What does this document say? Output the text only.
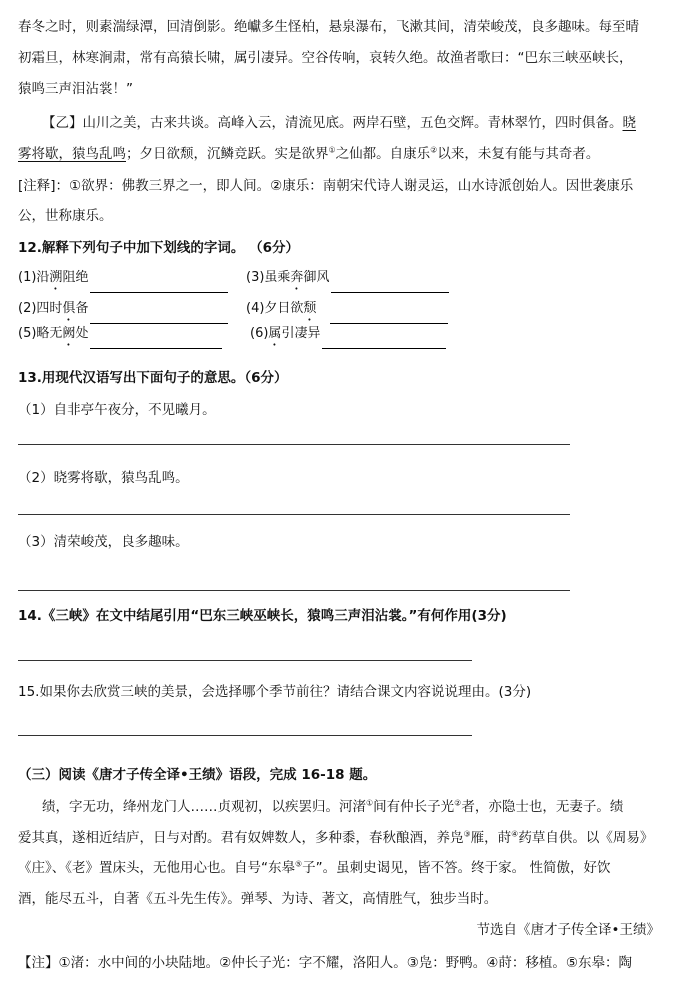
春冬之时，则素湍绿潭，回清倒影。绝巘多生怪柏，悬泉瀑布，飞漱其间，清荣峻茂，良多趣味。每至晴
初霜旦，林寒涧肃，常有高猿长啸，属引凄异。空谷传响，哀转久绝。故渔者歌曰：“巴东三峡巫峡长，
猿鸣三声泪沾裳！”
【乙】山川之美，古来共谈。高峰入云，清流见底。两岸石壁，五色交辉。青林翠竹，四时俱备。晓
雾将歇，猿鸟乱鸣；夕日欲颓，沉鳞竞跃。实是欲界①之仙都。自康乐②以来，未复有能与其奇者。
[注释]：①欲界：佛教三界之一，即人间。②康乐：南朝宋代诗人谢灵运，山水诗派创始人。因世袭康乐
公，世称康乐。
12.解释下列句子中加下划线的字词。 （6分）
(1)沿溯阻绝	(3)虽乘奔御风
(2)四时俱备	(4)夕日欲颓
(5)略无阙处	(6)属引凄异
13.用现代汉语写出下面句子的意思。（6分）
（1）自非亭午夜分，不见曦月。
（2）晓雾将歇，猿鸟乱鸣。
（3）清荣峻茂，良多趣味。
14.《三峡》在文中结尾引用“巴东三峡巫峡长，猿鸣三声泪沾裳。”有何作用(3分)
15.如果你去欣赏三峡的美景，会选择哪个季节前往？请结合课文内容说说理由。(3分)
（三）阅读《唐才子传全译•王绩》语段，完成 16-18 题。
绩，字无功，绛州龙门人……贞观初，以疾罢归。河渚①间有仲长子光②者，亦隐士也，无妻子。绩
爱其真，遂相近结庐，日与对酌。君有奴婢数人，多种黍，春秋酿酒，养凫③雁，莳④药草自供。以《周易》
《庄》、《老》置床头，无他用心也。自号“东皋⑤子”。虽刺史谒见，皆不答。终于家。 性简傲，好饮
酒，能尽五斗，自著《五斗先生传》。弹琴、为诗、著文，高情胜气，独步当时。
节选自《唐才子传全译•王绩》
【注】①渚：水中间的小块陆地。②仲长子光：字不耀，洛阳人。③凫：野鸭。④莳：移植。⑤东皋：陶
